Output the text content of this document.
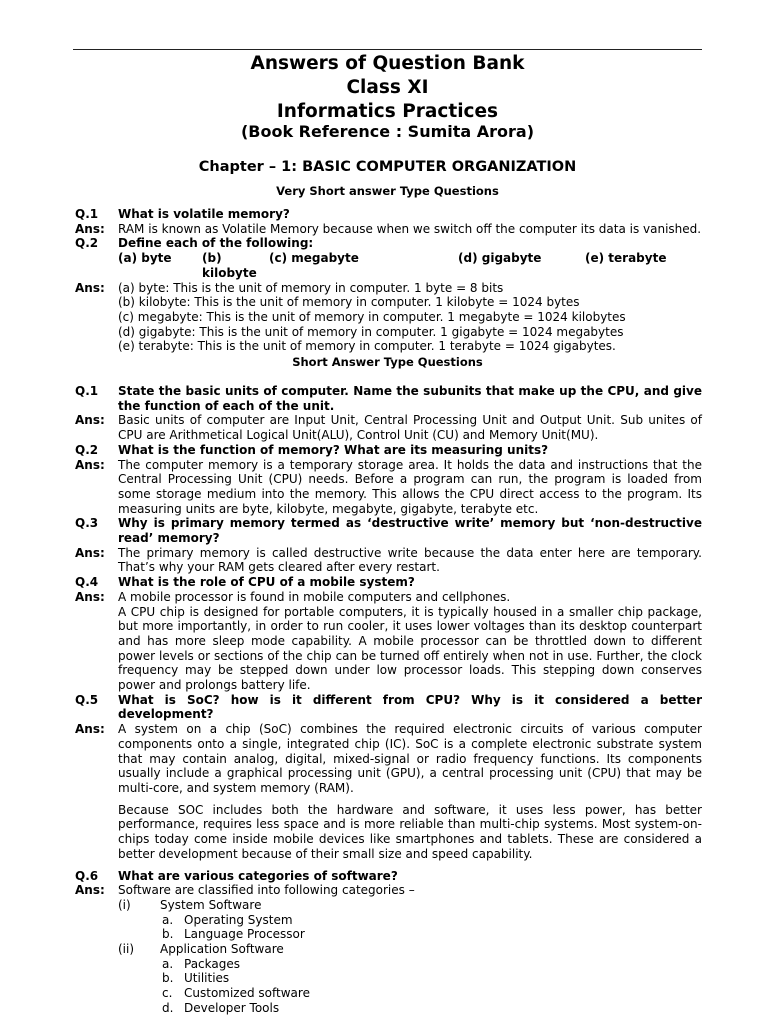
Answers of Question Bank
Class XI
Informatics Practices
(Book Reference : Sumita Arora)
Chapter – 1: BASIC COMPUTER ORGANIZATION
Very Short answer Type Questions
Q.1	What is volatile memory?
Ans:	RAM is known as Volatile Memory because when we switch off the computer its data is vanished.
Q.2	Define each of the following:
(a) byte	(b) kilobyte
(c) megabyte	(d) gigabyte	(e) terabyte
Ans:	(a) byte: This is the unit of memory in computer. 1 byte = 8 bits
(b) kilobyte: This is the unit of memory in computer. 1 kilobyte = 1024 bytes
(c) megabyte: This is the unit of memory in computer. 1 megabyte = 1024 kilobytes
(d) gigabyte: This is the unit of memory in computer. 1 gigabyte = 1024 megabytes
(e) terabyte: This is the unit of memory in computer. 1 terabyte = 1024 gigabytes.
Short Answer Type Questions
Q.1	State the basic units of computer. Name the subunits that make up the CPU, and give the function of each of the unit.
Ans:	Basic units of computer are Input Unit, Central Processing Unit and Output Unit. Sub unites of CPU are Arithmetical Logical Unit(ALU), Control Unit (CU) and Memory Unit(MU).
Q.2	What is the function of memory? What are its measuring units?
Ans:	The computer memory is a temporary storage area. It holds the data and instructions that the Central Processing Unit (CPU) needs. Before a program can run, the program is loaded from some storage medium into the memory. This allows the CPU direct access to the program. Its measuring units are byte, kilobyte, megabyte, gigabyte, terabyte etc.
Q.3	Why is primary memory termed as ‘destructive write’ memory but ‘non-destructive read’ memory?
Ans:	The primary memory is called destructive write because the data enter here are temporary. That’s why your RAM gets cleared after every restart.
Q.4	What is the role of CPU of a mobile system?
Ans:	A mobile processor is found in mobile computers and cellphones.
A CPU chip is designed for portable computers, it is typically housed in a smaller chip package, but more importantly, in order to run cooler, it uses lower voltages than its desktop counterpart and has more sleep mode capability. A mobile processor can be throttled down to different power levels or sections of the chip can be turned off entirely when not in use. Further, the clock frequency may be stepped down under low processor loads. This stepping down conserves power and prolongs battery life.
Q.5	What is SoC? how is it different from CPU? Why is it considered a better development?
Ans:	A system on a chip (SoC) combines the required electronic circuits of various computer components onto a single, integrated chip (IC). SoC is a complete electronic substrate system that may contain analog, digital, mixed-signal or radio frequency functions. Its components usually include a graphical processing unit (GPU), a central processing unit (CPU) that may be multi-core, and system memory (RAM).
Because SOC includes both the hardware and software, it uses less power, has better performance, requires less space and is more reliable than multi-chip systems. Most system-on-chips today come inside mobile devices like smartphones and tablets. These are considered a better development because of their small size and speed capability.
Q.6	What are various categories of software?
Ans:	Software are classified into following categories –
(i)	System Software
a. Operating System
b. Language Processor
(ii)	Application Software
a. Packages
b. Utilities
c. Customized software
d. Developer Tools
